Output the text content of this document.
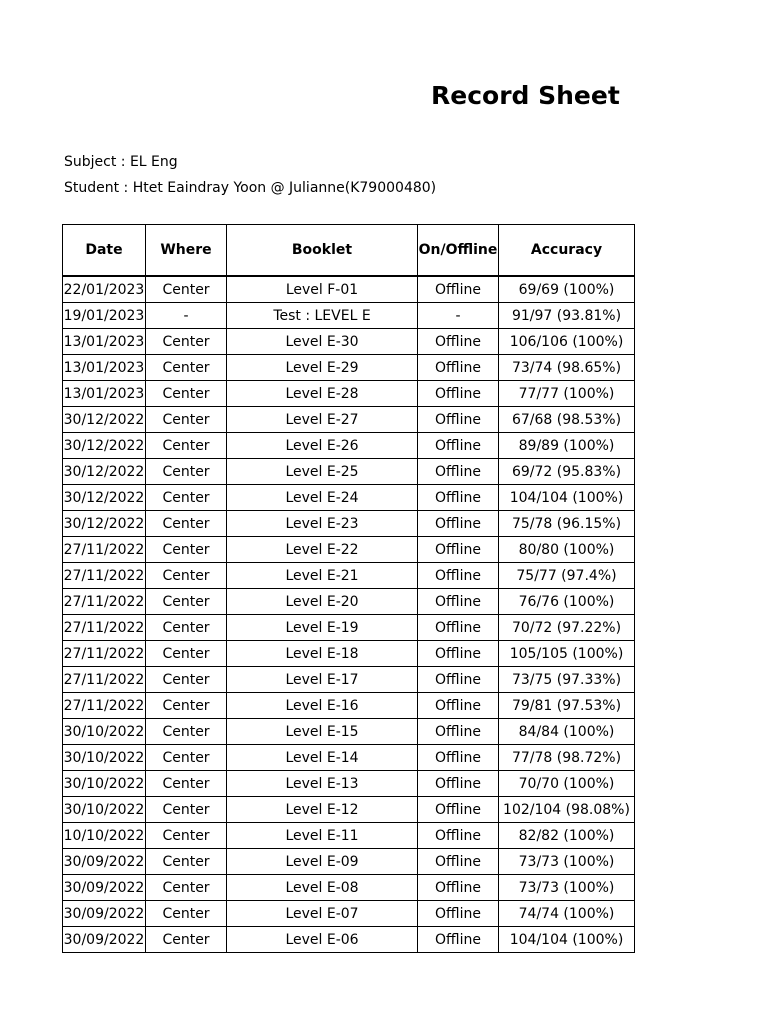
Record Sheet
Subject : EL Eng
Student : Htet Eaindray Yoon @ Julianne(K79000480)
Date	Where	Booklet	On/Offline	Accuracy
22/01/2023	Center	Level F-01	Offline	69/69 (100%)
19/01/2023	-	Test : LEVEL E	-	91/97 (93.81%)
13/01/2023	Center	Level E-30	Offline	106/106 (100%)
13/01/2023	Center	Level E-29	Offline	73/74 (98.65%)
13/01/2023	Center	Level E-28	Offline	77/77 (100%)
30/12/2022	Center	Level E-27	Offline	67/68 (98.53%)
30/12/2022	Center	Level E-26	Offline	89/89 (100%)
30/12/2022	Center	Level E-25	Offline	69/72 (95.83%)
30/12/2022	Center	Level E-24	Offline	104/104 (100%)
30/12/2022	Center	Level E-23	Offline	75/78 (96.15%)
27/11/2022	Center	Level E-22	Offline	80/80 (100%)
27/11/2022	Center	Level E-21	Offline	75/77 (97.4%)
27/11/2022	Center	Level E-20	Offline	76/76 (100%)
27/11/2022	Center	Level E-19	Offline	70/72 (97.22%)
27/11/2022	Center	Level E-18	Offline	105/105 (100%)
27/11/2022	Center	Level E-17	Offline	73/75 (97.33%)
27/11/2022	Center	Level E-16	Offline	79/81 (97.53%)
30/10/2022	Center	Level E-15	Offline	84/84 (100%)
30/10/2022	Center	Level E-14	Offline	77/78 (98.72%)
30/10/2022	Center	Level E-13	Offline	70/70 (100%)
30/10/2022	Center	Level E-12	Offline	102/104 (98.08%)
10/10/2022	Center	Level E-11	Offline	82/82 (100%)
30/09/2022	Center	Level E-09	Offline	73/73 (100%)
30/09/2022	Center	Level E-08	Offline	73/73 (100%)
30/09/2022	Center	Level E-07	Offline	74/74 (100%)
30/09/2022	Center	Level E-06	Offline	104/104 (100%)
